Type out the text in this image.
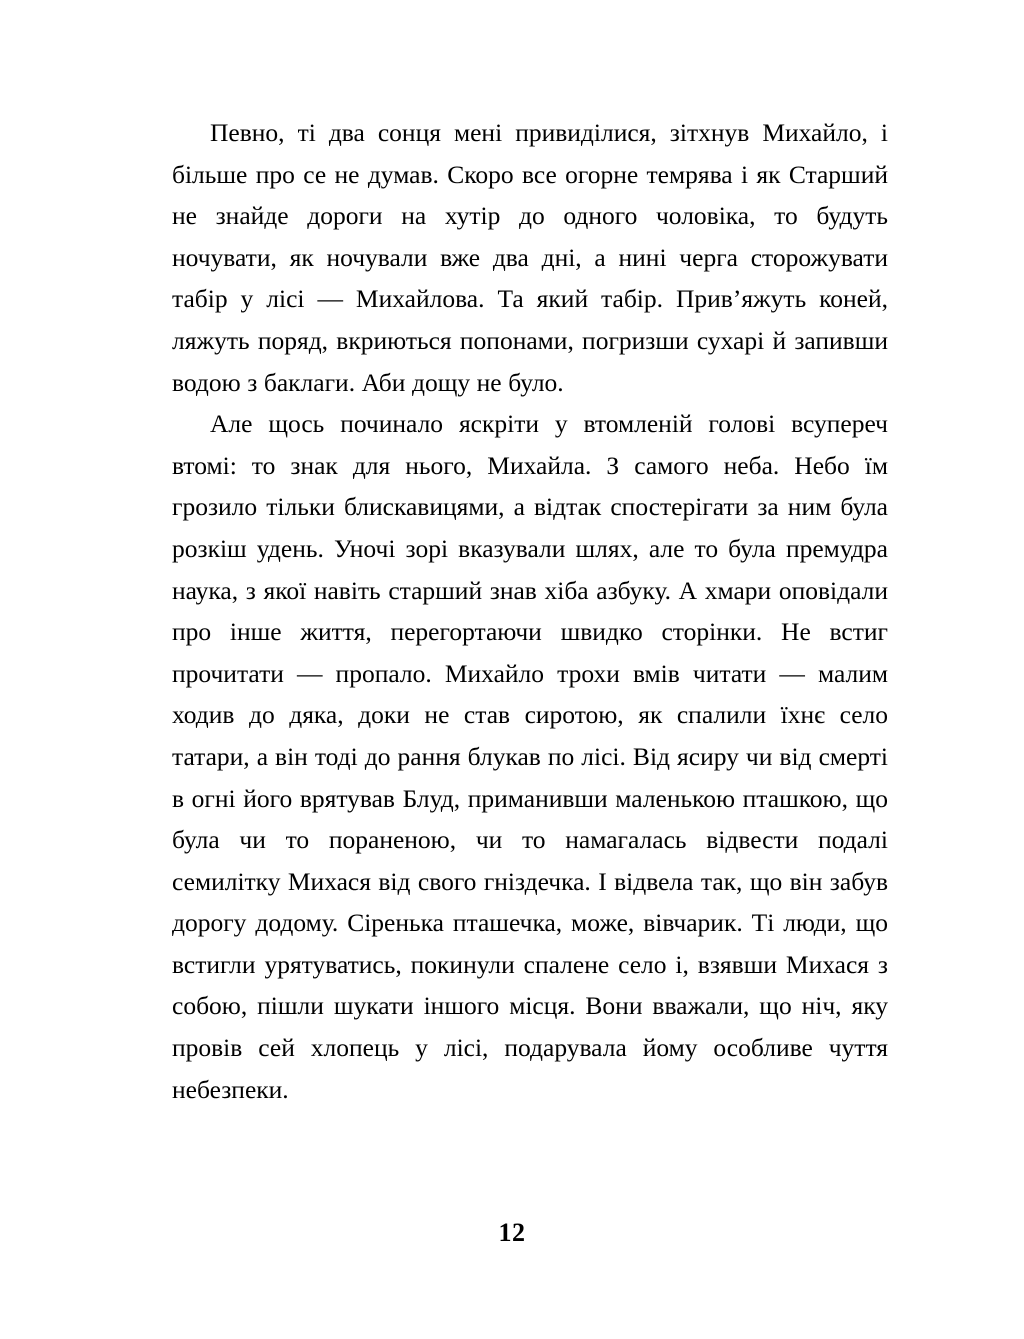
Певно, ті два сонця мені привиділися, зітхнув Михайло, і більше про се не думав. Скоро все огорне темрява і як Старший не знайде дороги на хутір до одного чоловіка, то будуть ночувати, як ночували вже два дні, а нині черга сторожувати табір у лісі — Михайлова. Та який табір. Прив’яжуть коней, ляжуть поряд, вкриються попонами, погризши сухарі й запивши водою з баклаги. Аби дощу не було.

Але щось починало яскріти у втомленій голові всупереч втомі: то знак для нього, Михайла. З самого неба. Небо їм грозило тільки блискавицями, а відтак спостерігати за ним була розкіш удень. Уночі зорі вказували шлях, але то була премудра наука, з якої навіть старший знав хіба азбуку. А хмари оповідали про інше життя, перегортаючи швидко сторінки. Не встиг прочитати — пропало. Михайло трохи вмів читати — малим ходив до дяка, доки не став сиротою, як спалили їхнє село татари, а він тоді до рання блукав по лісі. Від ясиру чи від смерті в огні його врятував Блуд, приманивши маленькою пташкою, що була чи то пораненою, чи то намагалась відвести подалі семилітку Михася від свого гніздечка. І відвела так, що він забув дорогу додому. Сіренька пташечка, може, вівчарик. Ті люди, що встигли урятуватись, покинули спалене село і, взявши Михася з собою, пішли шукати іншого місця. Вони вважали, що ніч, яку провів сей хлопець у лісі, подарувала йому особливе чуття небезпеки.

12
